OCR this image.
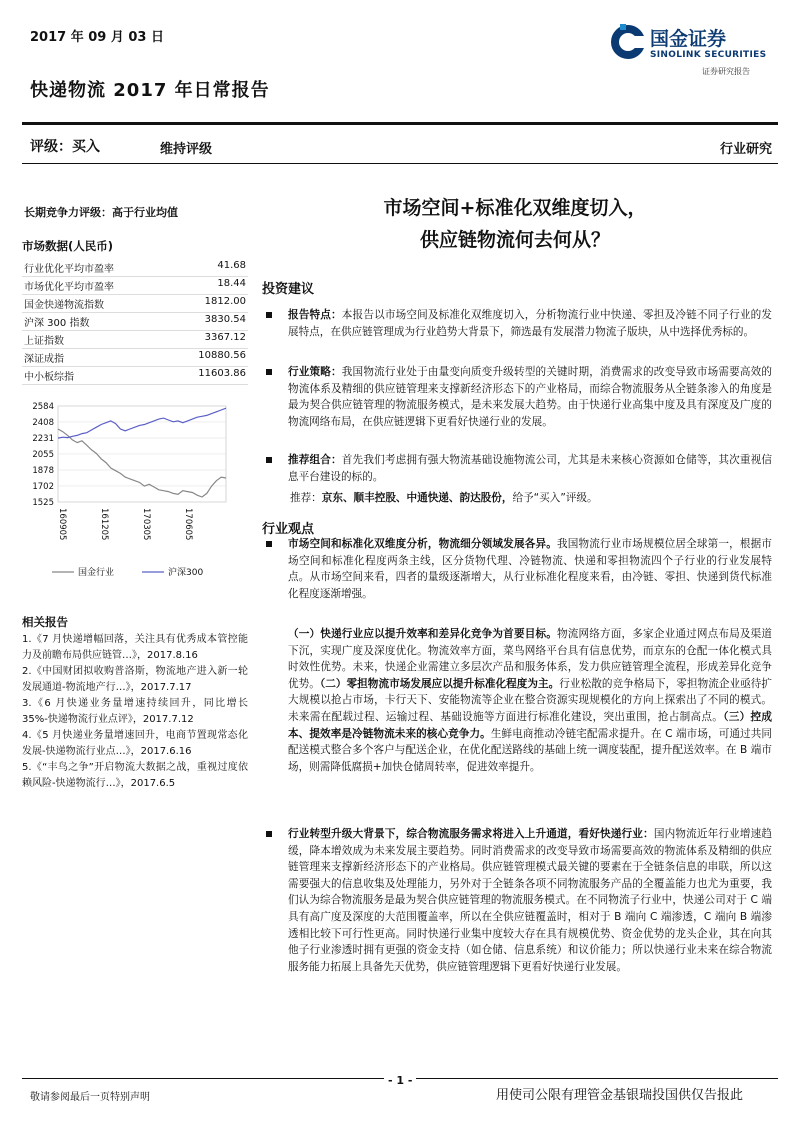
2017 年 09 月 03 日	国金证券
SINOLINK SECURITIES
证券研究报告
快递物流 2017 年日常报告
评级：买入	维持评级	行业研究
长期竞争力评级：高于行业均值
市场数据(人民币)
行业优化平均市盈率	41.68
市场优化平均市盈率	18.44
国金快递物流指数	1812.00
沪深 300 指数	3830.54
上证指数	3367.12
深证成指	10880.56
中小板综指	11603.86
2584
2408
2231
2055
1878
1702
1525
160905	161205	170305	170605
国金行业	沪深300
相关报告
1.《7 月快递增幅回落，关注具有优秀成本管控能力及前瞻布局供应链管…》，2017.8.16
2.《中国财团拟收购普洛斯，物流地产进入新一轮发展通道-物流地产行…》，2017.7.17
3.《6 月快递业务量增速持续回升，同比增长 35%-快递物流行业点评》，2017.7.12
4.《5 月快递业务量增速回升，电商节置现常态化发展-快递物流行业点…》，2017.6.16
5.《“丰鸟之争”开启物流大数据之战，重视过度依赖风险-快递物流行…》，2017.6.5
市场空间+标准化双维度切入，
供应链物流何去何从？
投资建议
报告特点：本报告以市场空间及标准化双维度切入，分析物流行业中快递、零担及冷链不同子行业的发展特点，在供应链管理成为行业趋势大背景下，筛选最有发展潜力物流子版块，从中选择优秀标的。
行业策略：我国物流行业处于由量变向质变升级转型的关键时期，消费需求的改变导致市场需要高效的物流体系及精细的供应链管理来支撑新经济形态下的产业格局，而综合物流服务从全链条渗入的角度是最为契合供应链管理的物流服务模式，是未来发展大趋势。由于快递行业高集中度及具有深度及广度的物流网络布局，在供应链逻辑下更看好快递行业的发展。
推荐组合：首先我们考虑拥有强大物流基础设施物流公司，尤其是未来核心资源如仓储等，其次重视信息平台建设的标的。
推荐：京东、顺丰控股、中通快递、韵达股份，给予“买入”评级。
行业观点
市场空间和标准化双维度分析，物流细分领域发展各异。我国物流行业市场规模位居全球第一，根据市场空间和标准化程度两条主线，区分货物代理、冷链物流、快递和零担物流四个子行业的行业发展特点。从市场空间来看，四者的量级逐渐增大，从行业标准化程度来看，由冷链、零担、快递到货代标准化程度逐渐增强。
（一）快递行业应以提升效率和差异化竞争为首要目标。物流网络方面，多家企业通过网点布局及渠道下沉，实现广度及深度优化。物流效率方面，菜鸟网络平台具有信息优势，而京东的仓配一体化模式具时效性优势。未来，快递企业需建立多层次产品和服务体系，发力供应链管理全流程，形成差异化竞争优势。（二）零担物流市场发展应以提升标准化程度为主。行业松散的竞争格局下，零担物流企业亟待扩大规模以抢占市场，卡行天下、安能物流等企业在整合资源实现规模化的方向上探索出了不同的模式。未来需在配载过程、运输过程、基础设施等方面进行标准化建设，突出重围，抢占制高点。（三）控成本、提效率是冷链物流未来的核心竞争力。生鲜电商推动冷链宅配需求提升。在 C 端市场，可通过共同配送模式整合多个客户与配送企业，在优化配送路线的基础上统一调度装配，提升配送效率。在 B 端市场，则需降低腐损+加快仓储周转率，促进效率提升。
行业转型升级大背景下，综合物流服务需求将进入上升通道，看好快递行业：国内物流近年行业增速趋缓，降本增效成为未来发展主要趋势。同时消费需求的改变导致市场需要高效的物流体系及精细的供应链管理来支撑新经济形态下的产业格局。供应链管理模式最关键的要素在于全链条信息的串联，所以这需要强大的信息收集及处理能力，另外对于全链条各项不同物流服务产品的全覆盖能力也尤为重要，我们认为综合物流服务是最为契合供应链管理的物流服务模式。在不同物流子行业中，快递公司对于 C 端具有高广度及深度的大范围覆盖率，所以在全供应链覆盖时，相对于 B 端向 C 端渗透，C 端向 B 端渗透相比较下可行性更高。同时快递行业集中度较大存在具有规模优势、资金优势的龙头企业，其在向其他子行业渗透时拥有更强的资金支持（如仓储、信息系统）和议价能力；所以快递行业未来在综合物流服务能力拓展上具备先天优势，供应链管理逻辑下更看好快递行业发展。
- 1 -
敬请参阅最后一页特别声明	用使司公限有理管金基银瑞投国供仅告报此
